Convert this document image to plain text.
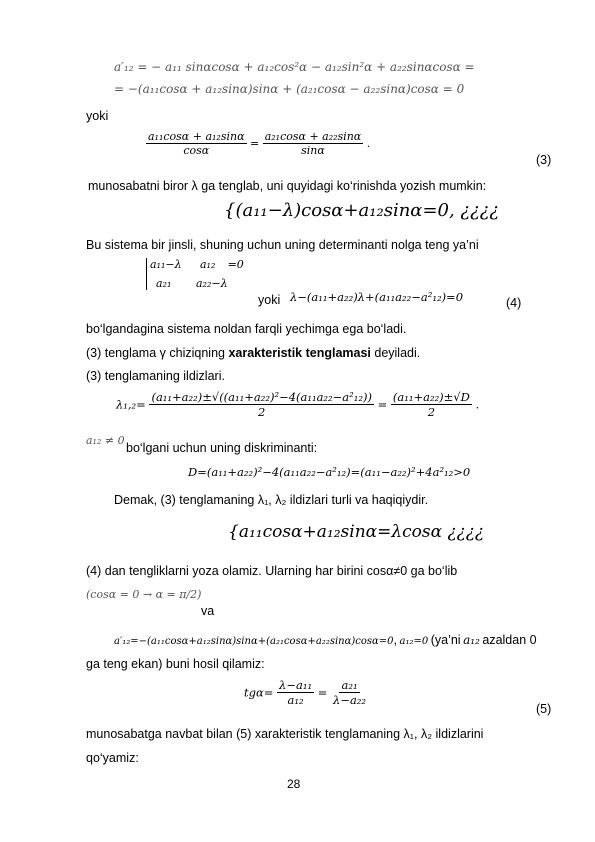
a′₁₂ = − a₁₁ sinαcosα + a₁₂cos²α − a₁₂sin²α + a₂₂sinαcosα =
= −(a₁₁cosα + a₁₂sinα)sinα + (a₂₁cosα − a₂₂sinα)cosα = 0
yoki
$\frac{\text{a₁₁cosα + a₁₂sinα}}{\cos\alpha} = \frac{\text{a₂₁cosα + a₂₂sinα}}{\sin\alpha}$ .
(3)
munosabatni biror λ ga tenglab, uni quyidagi ko‘rinishda yozish mumkin:
{(a₁₁−λ)cosα+a₁₂sinα=0, ¿¿¿¿
Bu sistema bir jinsli, shuning uchun uning determinanti nolga teng ya’ni
a₁₁−λ a₁₂
a₂₁ a₂₂−λ
=0
yoki λ−(a₁₁+a₂₂)λ+(a₁₁a₂₂−a²₁₂)=0	(4)
bo‘lgandagina sistema noldan farqli yechimga ega bo‘ladi.
(3) tenglama γ chiziqning xarakteristik tenglamasi deyiladi.
(3) tenglamaning ildizlari.
$\lambda_1,_2= \frac{\text{(a₁₁+a₂₂)±√((a₁₁+a₂₂)²−4(a₁₁a₂₂−a²₁₂))}}{2} = \frac{\text{(a₁₁+a₂₂)±√D}}{2}$ .
a₁₂ ≠ 0
bo‘lgani uchun uning diskriminanti:
D=(a₁₁+a₂₂)²−4(a₁₁a₂₂−a²₁₂)=(a₁₁−a₂₂)²+4a²₁₂>0
Demak, (3) tenglamaning λ₁, λ₂ ildizlari turli va haqiqiydir.
{a₁₁cosα+a₁₂sinα=λcosα ¿¿¿¿
(4) dan tengliklarni yoza olamiz. Ularning har birini cosα≠0 ga bo‘lib
(cosα = 0 → α = π/2)
va
a′₁₂=−(a₁₁cosα+a₁₂sinα)sinα+(a₂₁cosα+a₂₂sinα)cosα=0, a₁₂=0 (ya’ni a₁₂ azaldan 0
ga teng ekan) buni hosil qilamiz:
$tg\alpha= \frac{\text{λ−a₁₁}}{\text{a₁₂}} = \frac{\text{a₂₁}}{\text{λ−a₂₂}}$
(5)
munosabatga navbat bilan (5) xarakteristik tenglamaning λ₁, λ₂ ildizlarini
qo‘yamiz:
28
